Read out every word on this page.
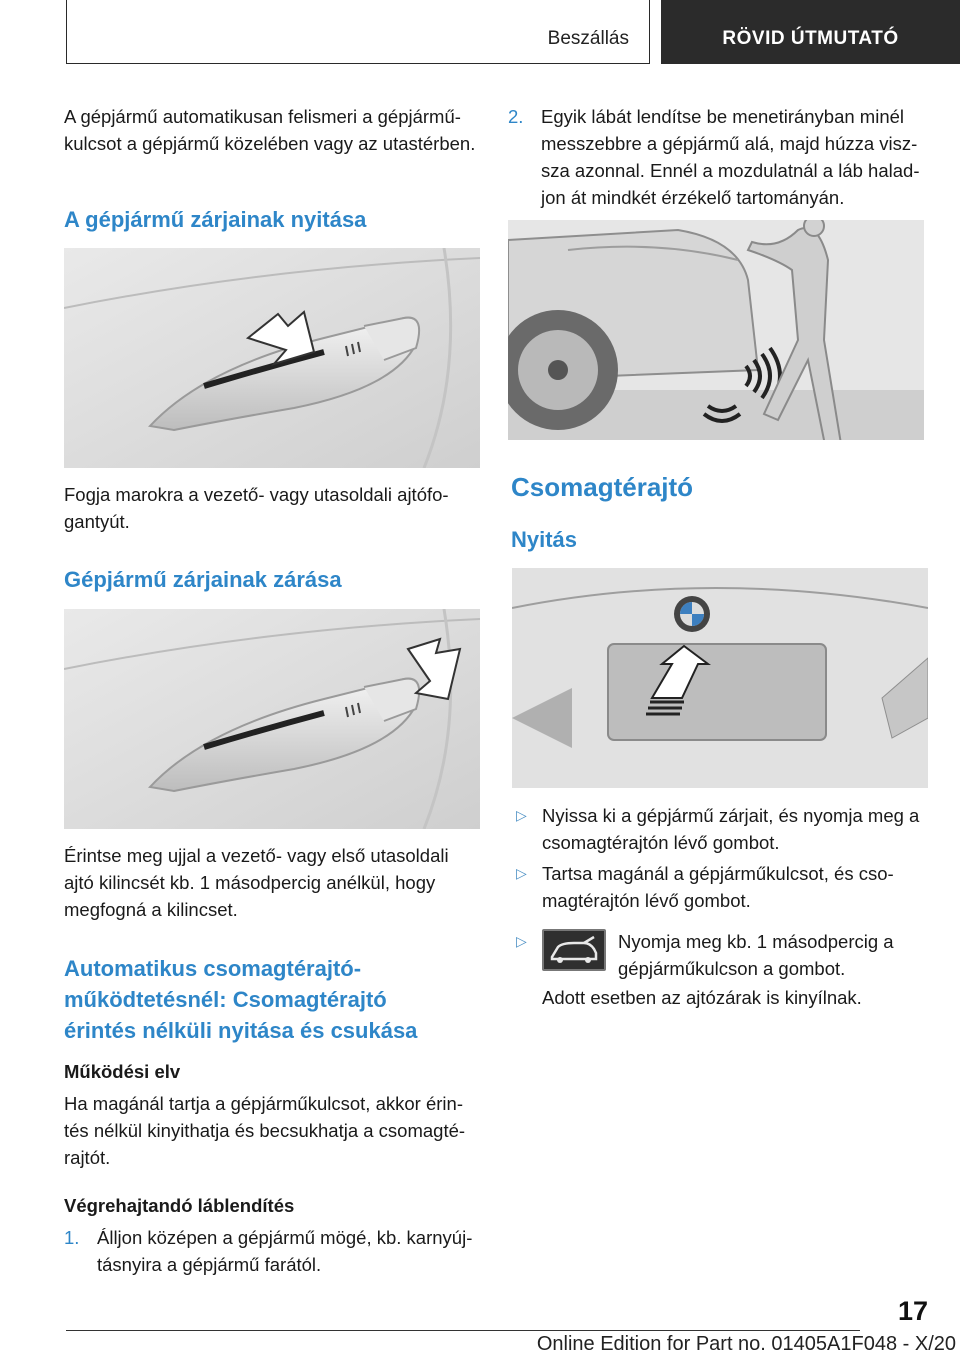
Beszállás	RÖVID ÚTMUTATÓ

A gépjármű automatikusan felismeri a gépjárműkulcsot a gépjármű közelében vagy az utastérben.

A gépjármű zárjainak nyitása

Fogja marokra a vezető- vagy utasoldali ajtófogantyút.

Gépjármű zárjainak zárása

Érintse meg ujjal a vezető- vagy első utasoldali ajtó kilincsét kb. 1 másodpercig anélkül, hogy megfogná a kilincset.

Automatikus csomagtérajtó-működtetésnél: Csomagtérajtó érintés nélküli nyitása és csukása
Működési elv

Ha magánál tartja a gépjárműkulcsot, akkor érintés nélkül kinyithatja és becsukhatja a csomagtérajtót.

Végrehajtandó láblendítés
1. Álljon középen a gépjármű mögé, kb. karnyújtásnyira a gépjármű farától.
2. Egyik lábát lendítse be menetirányban minél messzebbre a gépjármű alá, majd húzza viszsza azonnal. Ennél a mozdulatnál a láb haladjon át mindkét érzékelő tartományán.
Csomagtérajtó
Nyitás
▷ Nyissa ki a gépjármű zárjait, és nyomja meg a csomagtérajtón lévő gombot.
▷ Tartsa magánál a gépjárműkulcsot, és csomagtérajtón lévő gombot.
▷	Nyomja meg kb. 1 másodpercig a gépjárműkulcson a gombot.

Adott esetben az ajtózárak is kinyílnak.

17
Online Edition for Part no. 01405A1F048 - X/20
